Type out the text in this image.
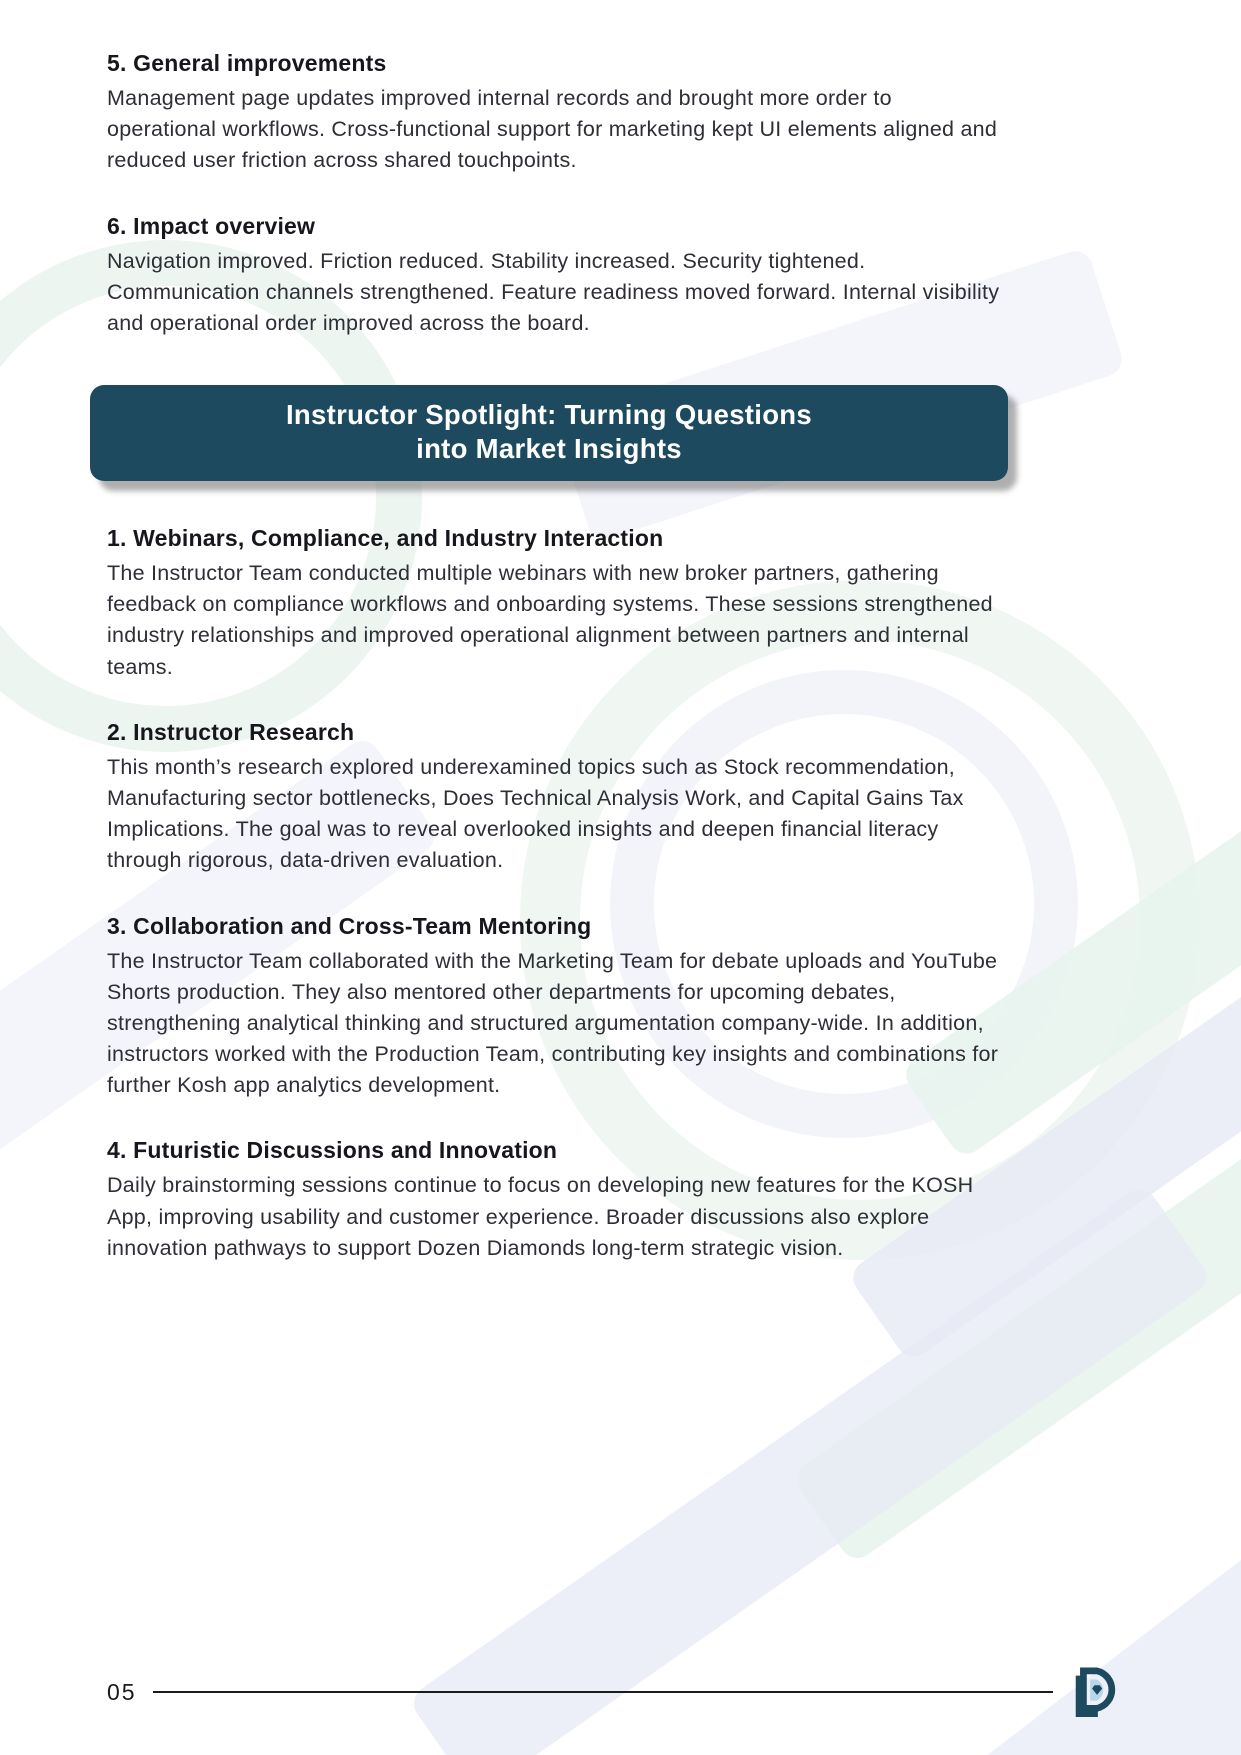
5. General improvements

Management page updates improved internal records and brought more order to operational workflows. Cross-functional support for marketing kept UI elements aligned and reduced user friction across shared touchpoints.

6. Impact overview

Navigation improved. Friction reduced. Stability increased. Security tightened. Communication channels strengthened. Feature readiness moved forward. Internal visibility and operational order improved across the board.

Instructor Spotlight: Turning Questions
into Market Insights
1. Webinars, Compliance, and Industry Interaction

The Instructor Team conducted multiple webinars with new broker partners, gathering feedback on compliance workflows and onboarding systems. These sessions strengthened industry relationships and improved operational alignment between partners and internal teams.

2. Instructor Research

This month’s research explored underexamined topics such as Stock recommendation, Manufacturing sector bottlenecks, Does Technical Analysis Work, and Capital Gains Tax Implications. The goal was to reveal overlooked insights and deepen financial literacy through rigorous, data-driven evaluation.

3. Collaboration and Cross-Team Mentoring

The Instructor Team collaborated with the Marketing Team for debate uploads and YouTube Shorts production. They also mentored other departments for upcoming debates, strengthening analytical thinking and structured argumentation company-wide. In addition, instructors worked with the Production Team, contributing key insights and combinations for further Kosh app analytics development.

4. Futuristic Discussions and Innovation

Daily brainstorming sessions continue to focus on developing new features for the KOSH App, improving usability and customer experience. Broader discussions also explore innovation pathways to support Dozen Diamonds long-term strategic vision.

05
